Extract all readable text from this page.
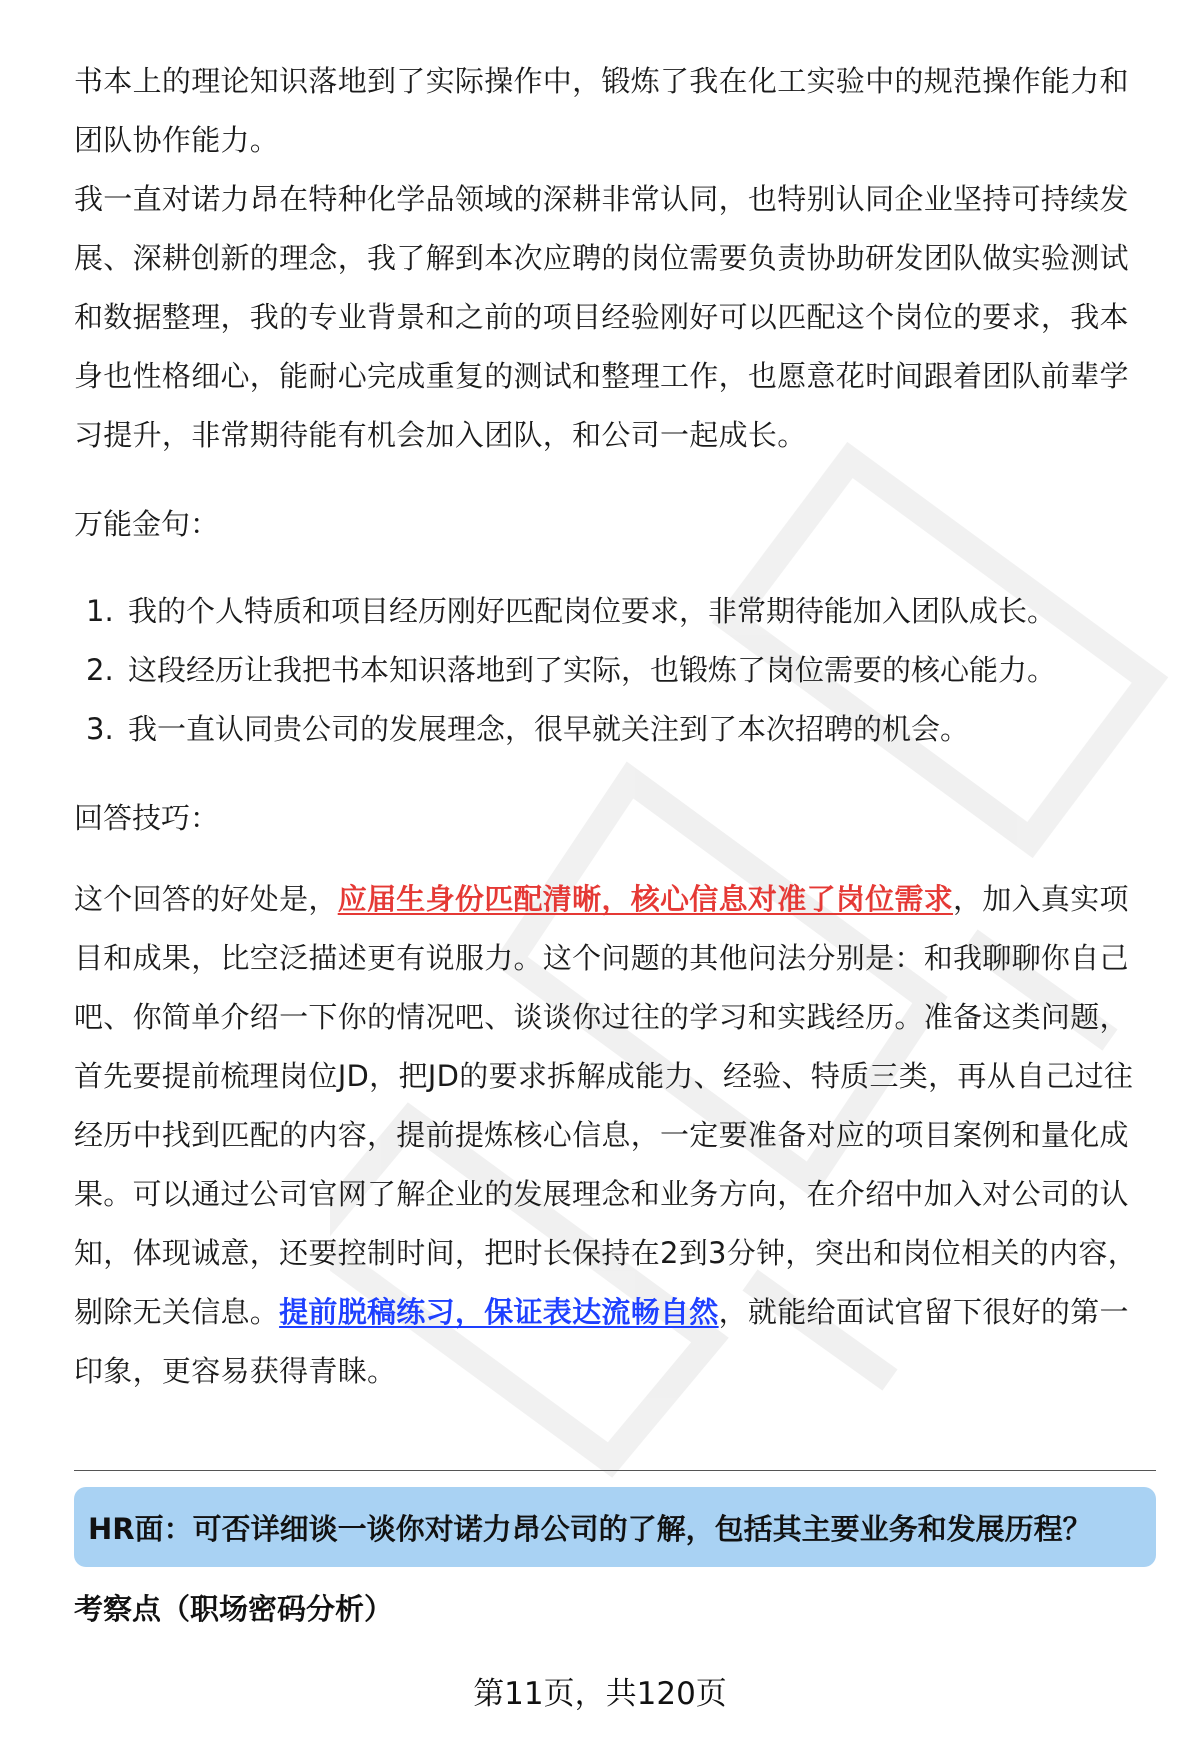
书本上的理论知识落地到了实际操作中，锻炼了我在化工实验中的规范操作能力和团队协作能力。

我一直对诺力昂在特种化学品领域的深耕非常认同，也特别认同企业坚持可持续发展、深耕创新的理念，我了解到本次应聘的岗位需要负责协助研发团队做实验测试和数据整理，我的专业背景和之前的项目经验刚好可以匹配这个岗位的要求，我本身也性格细心，能耐心完成重复的测试和整理工作，也愿意花时间跟着团队前辈学习提升，非常期待能有机会加入团队，和公司一起成长。

万能金句：

1. 我的个人特质和项目经历刚好匹配岗位要求，非常期待能加入团队成长。
2. 这段经历让我把书本知识落地到了实际，也锻炼了岗位需要的核心能力。
3. 我一直认同贵公司的发展理念，很早就关注到了本次招聘的机会。

回答技巧：

这个回答的好处是，应届生身份匹配清晰，核心信息对准了岗位需求，加入真实项目和成果，比空泛描述更有说服力。这个问题的其他问法分别是：和我聊聊你自己吧、你简单介绍一下你的情况吧、谈谈你过往的学习和实践经历。准备这类问题，首先要提前梳理岗位JD，把JD的要求拆解成能力、经验、特质三类，再从自己过往经历中找到匹配的内容，提前提炼核心信息，一定要准备对应的项目案例和量化成果。可以通过公司官网了解企业的发展理念和业务方向，在介绍中加入对公司的认知，体现诚意，还要控制时间，把时长保持在2到3分钟，突出和岗位相关的内容，剔除无关信息。提前脱稿练习，保证表达流畅自然，就能给面试官留下很好的第一印象，更容易获得青睐。

HR面：可否详细谈一谈你对诺力昂公司的了解，包括其主要业务和发展历程？
考察点（职场密码分析）
第11页，共120页
